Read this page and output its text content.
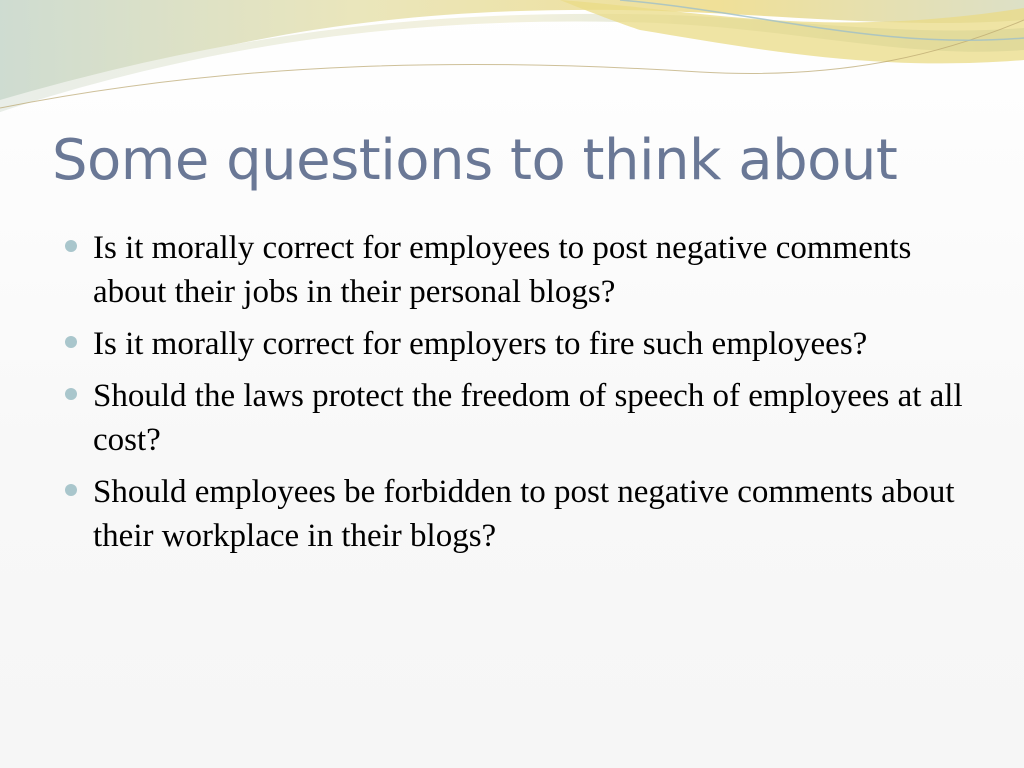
Some questions to think about
Is it morally correct for employees to post negative comments about their jobs in their personal blogs?
Is it morally correct for employers to fire such employees?
Should the laws protect the freedom of speech of employees at all cost?
Should employees be forbidden to post negative comments about their workplace in their blogs?
